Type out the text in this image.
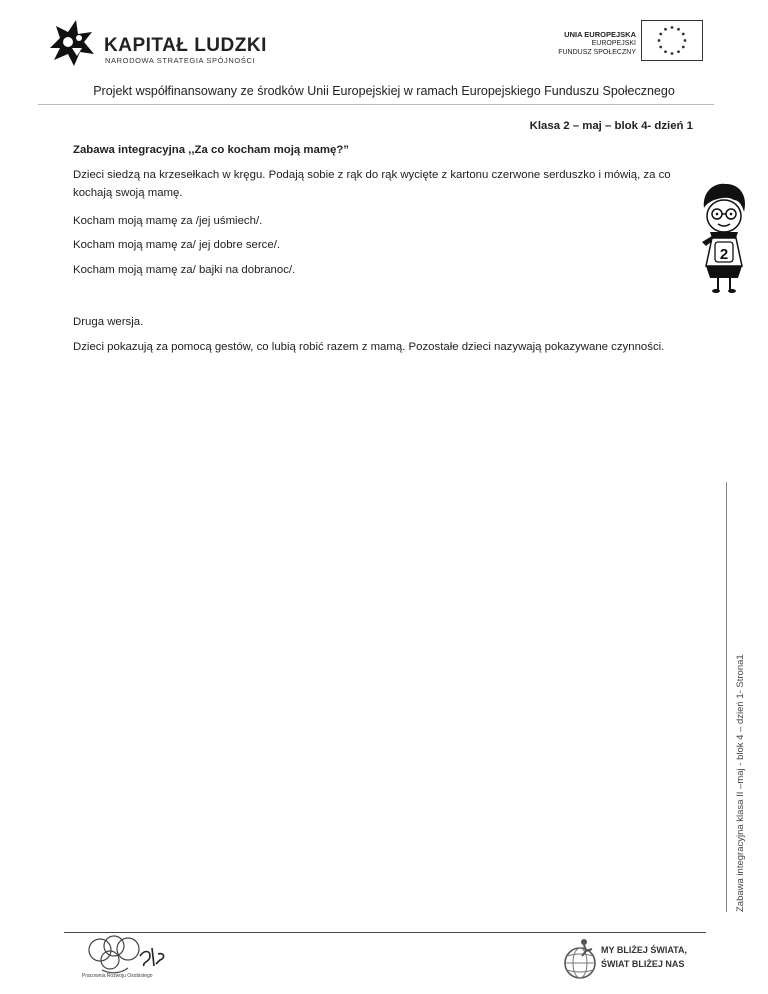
KAPITAŁ LUDZKI
NARODOWA STRATEGIA SPÓJNOŚCI
UNIA EUROPEJSKA
EUROPEJSKI
FUNDUSZ SPOŁECZNY
Projekt współfinansowany ze środków Unii Europejskiej w ramach Europejskiego Funduszu Społecznego
Klasa 2 – maj – blok 4- dzień 1
Zabawa integracyjna ,,Za co kocham moją mamę?”
Dzieci siedzą na krzesełkach w kręgu. Podają sobie z rąk do rąk wycięte z kartonu czerwone serduszko i mówią, za co kochają swoją mamę.
Kocham moją mamę za /jej uśmiech/.
Kocham moją mamę za/ jej dobre serce/.
Kocham moją mamę za/ bajki na dobranoc/.
Druga wersja.
Dzieci pokazują za pomocą gestów, co lubią robić razem z mamą. Pozostałe dzieci nazywają pokazywane czynności.
2
Zabawa integracyjna klasa II –maj - blok 4 – dzień 1- Strona1
Pracownia Rozwoju Osobistego
MY BLIŻEJ ŚWIATA,
ŚWIAT BLIŻEJ NAS
